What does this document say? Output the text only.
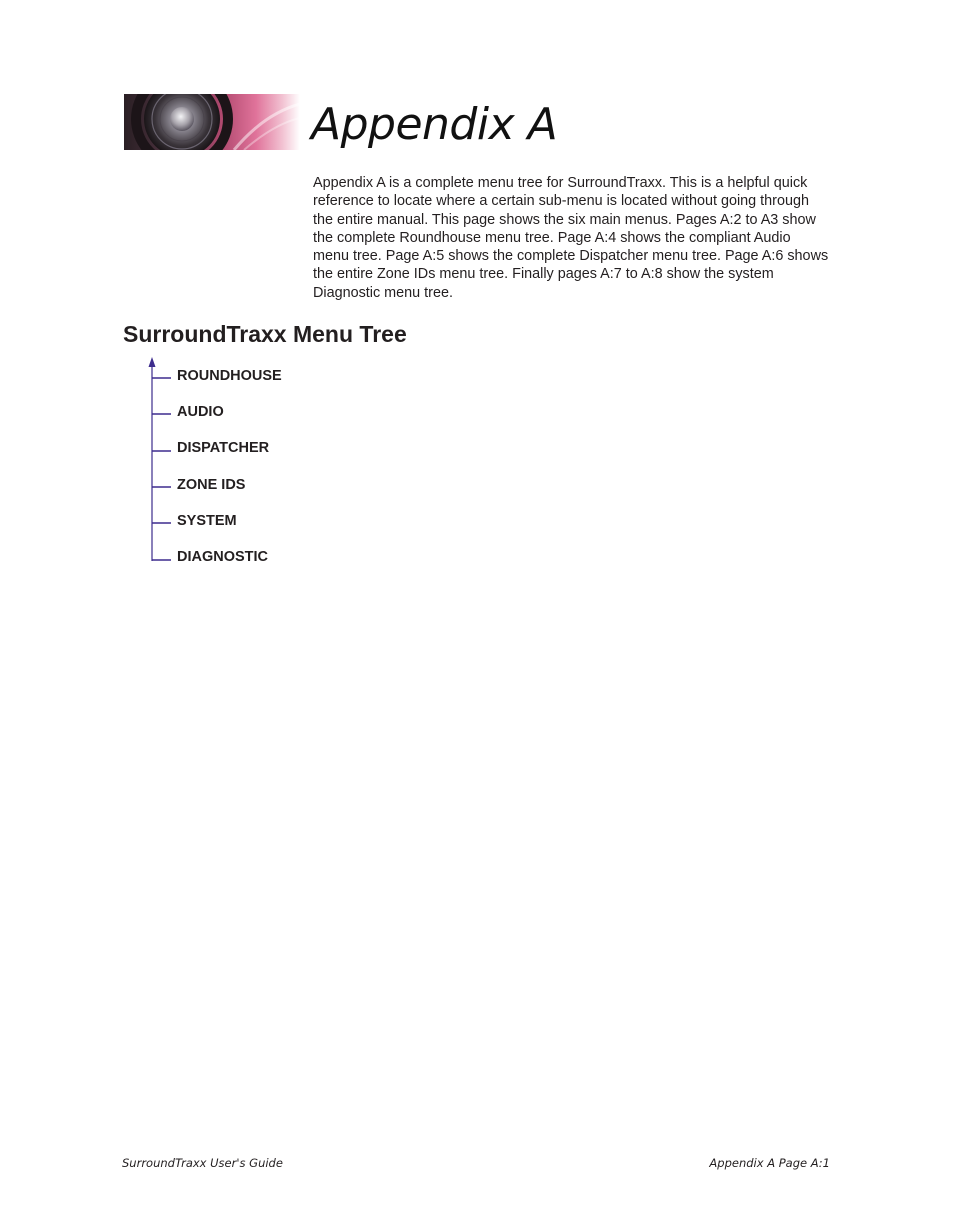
Appendix A

Appendix A is a complete menu tree for SurroundTraxx. This is a helpful quick reference to locate where a certain sub-menu is located without going through the entire manual. This page shows the six main menus. Pages A:2 to A3 show the complete Roundhouse menu tree. Page A:4 shows the compliant Audio menu tree. Page A:5 shows the complete Dispatcher menu tree. Page A:6 shows the entire Zone IDs menu tree. Finally pages A:7 to A:8 show the system Diagnostic menu tree.

SurroundTraxx Menu Tree
ROUNDHOUSE
AUDIO
DISPATCHER
ZONE IDS
SYSTEM
DIAGNOSTIC
SurroundTraxx User's Guide	Appendix A Page A:1
